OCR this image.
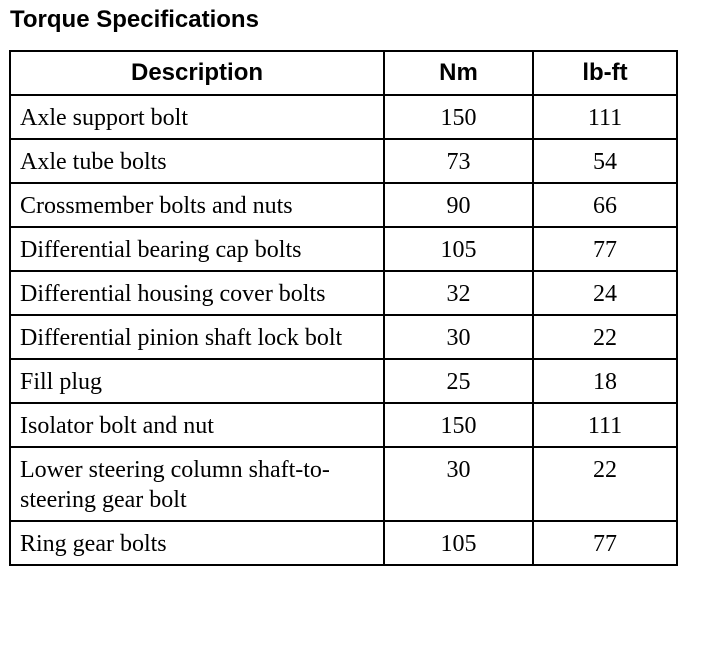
Torque Specifications
Description	Nm	lb-ft
Axle support bolt	150	111
Axle tube bolts	73	54
Crossmember bolts and nuts	90	66
Differential bearing cap bolts	105	77
Differential housing cover bolts	32	24
Differential pinion shaft lock bolt	30	22
Fill plug	25	18
Isolator bolt and nut	150	111
Lower steering column shaft-to-steering gear bolt	30	22
Ring gear bolts	105	77
